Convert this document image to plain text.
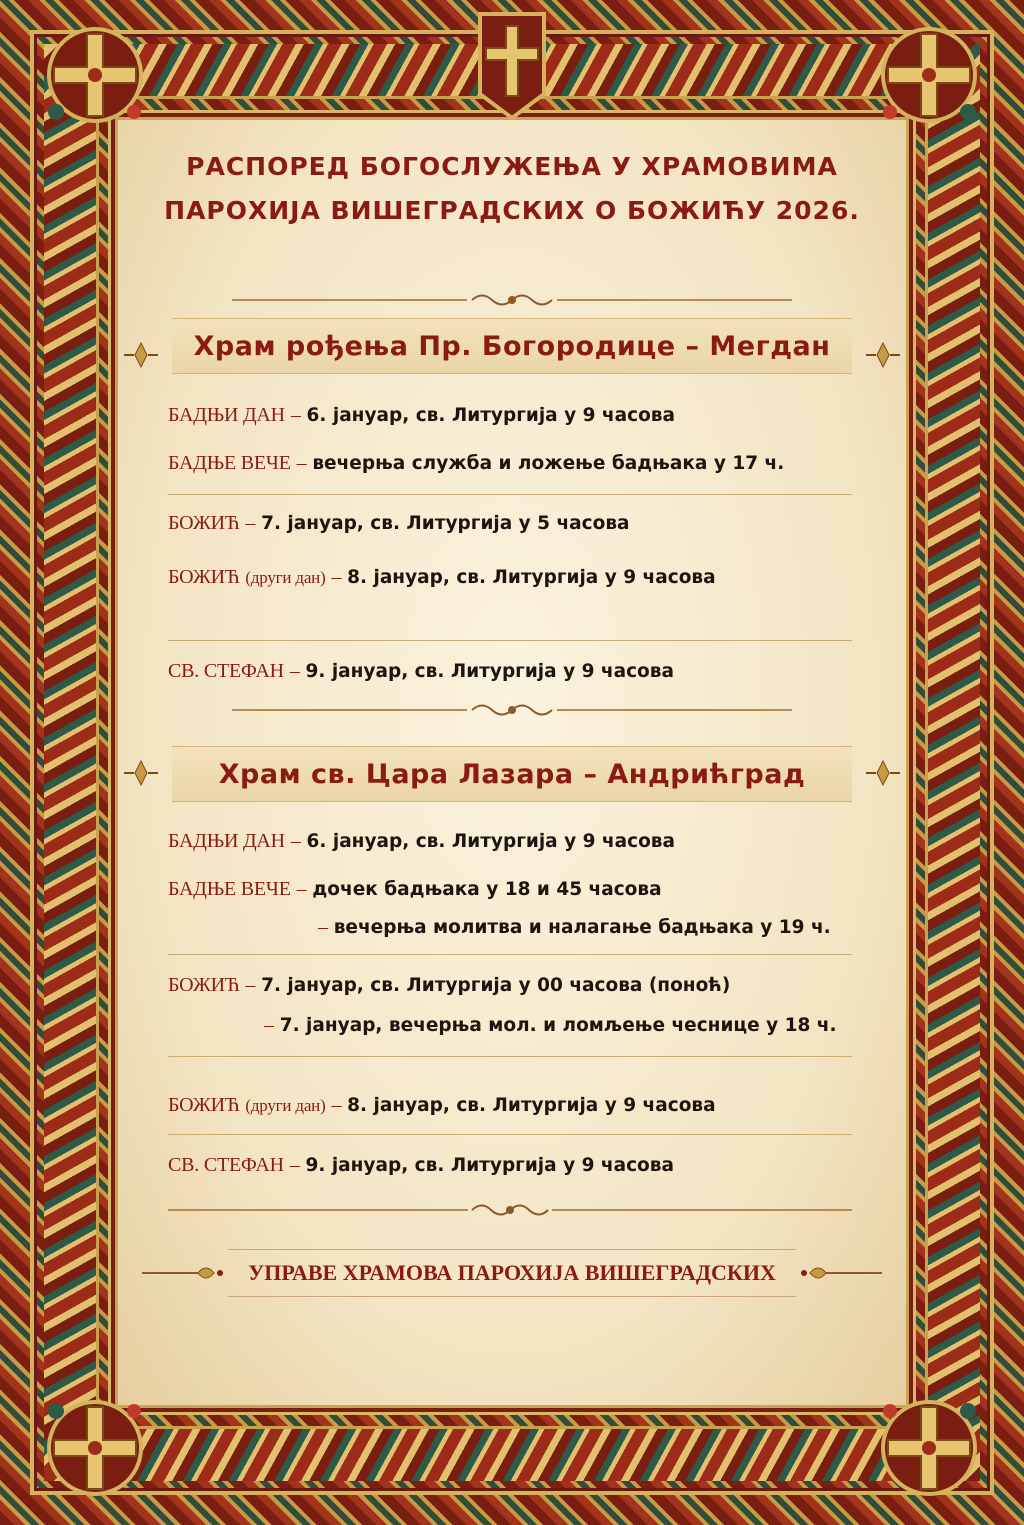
РАСПОРЕД БОГОСЛУЖЕЊА У ХРАМОВИМА
ПАРОХИЈА ВИШЕГРАДСКИХ О БОЖИЋУ 2026.
Храм рођења Пр. Богородице – Мегдан
БАДЊИ ДАН – 6. јануар, св. Литургија у 9 часова
БАДЊЕ ВЕЧЕ – вечерња служба и ложење бадњака у 17 ч.
БОЖИЋ – 7. јануар, св. Литургија у 5 часова
БОЖИЋ (други дан) – 8. јануар, св. Литургија у 9 часова
СВ. СТЕФАН – 9. јануар, св. Литургија у 9 часова
Храм св. Цара Лазара – Андрићград
БАДЊИ ДАН – 6. јануар, св. Литургија у 9 часова
БАДЊЕ ВЕЧЕ – дочек бадњака у 18 и 45 часова
– вечерња молитва и налагање бадњака у 19 ч.
БОЖИЋ – 7. јануар, св. Литургија у 00 часова (поноћ)
– 7. јануар, вечерња мол. и ломљење чеснице у 18 ч.
БОЖИЋ (други дан) – 8. јануар, св. Литургија у 9 часова
СВ. СТЕФАН – 9. јануар, св. Литургија у 9 часова
УПРАВЕ ХРАМОВА ПАРОХИЈА ВИШЕГРАДСКИХ
